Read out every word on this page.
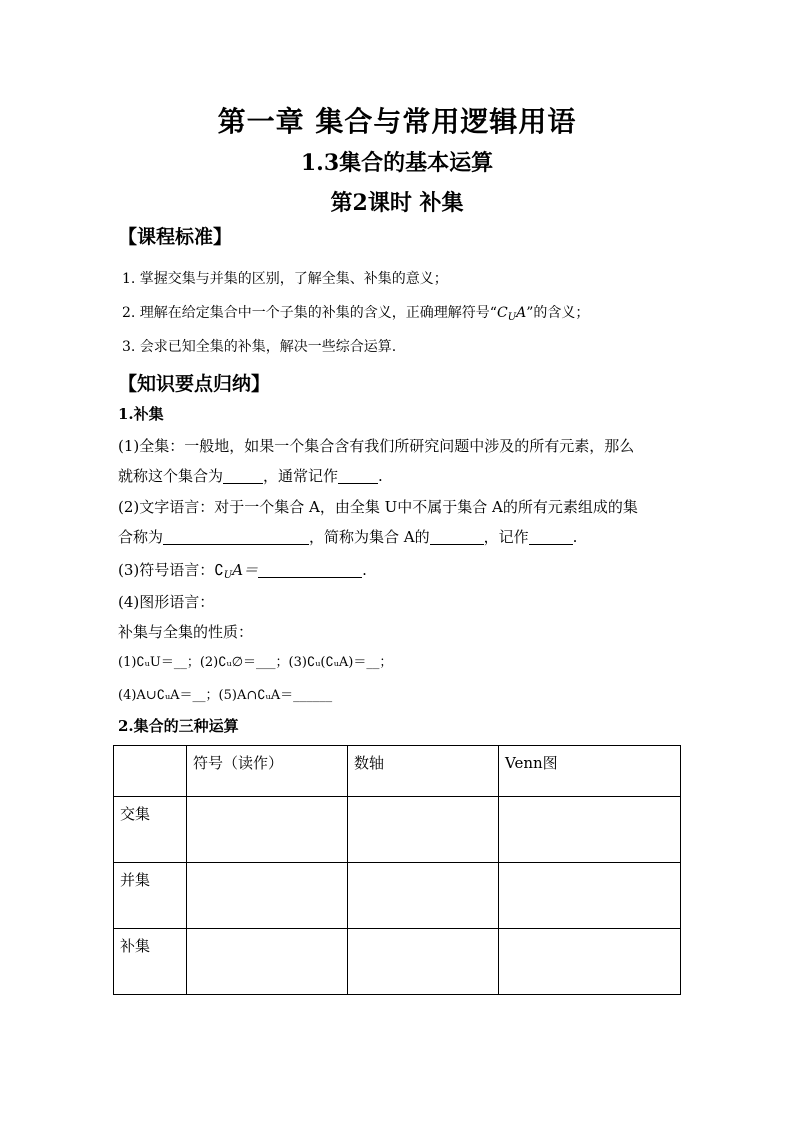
第一章 集合与常用逻辑用语
1.3集合的基本运算
第2课时 补集
【课程标准】
1. 掌握交集与并集的区别，了解全集、补集的意义；
2. 理解在给定集合中一个子集的补集的含义，正确理解符号“$C_UA$”的含义；
3. 会求已知全集的补集，解决一些综合运算.
【知识要点归纳】
1.补集
(1)全集：一般地，如果一个集合含有我们所研究问题中涉及的所有元素，那么
就称这个集合为	，通常记作	.
(2)文字语言：对于一个集合 A，由全集 U中不属于集合 A的所有元素组成的集
合称为	，简称为集合 A的	，记作	.
(3)符号语言：$∁_UA=$	.
(4)图形语言：
补集与全集的性质：
(1)∁ᵤU＝__；(2)∁ᵤ∅＝___；(3)∁ᵤ(∁ᵤA)＝__；
(4)A∪∁ᵤA＝__；(5)A∩∁ᵤA＝______
2.集合的三种运算
	符号（读作）	数轴	Venn图
交集			
并集			
补集			
